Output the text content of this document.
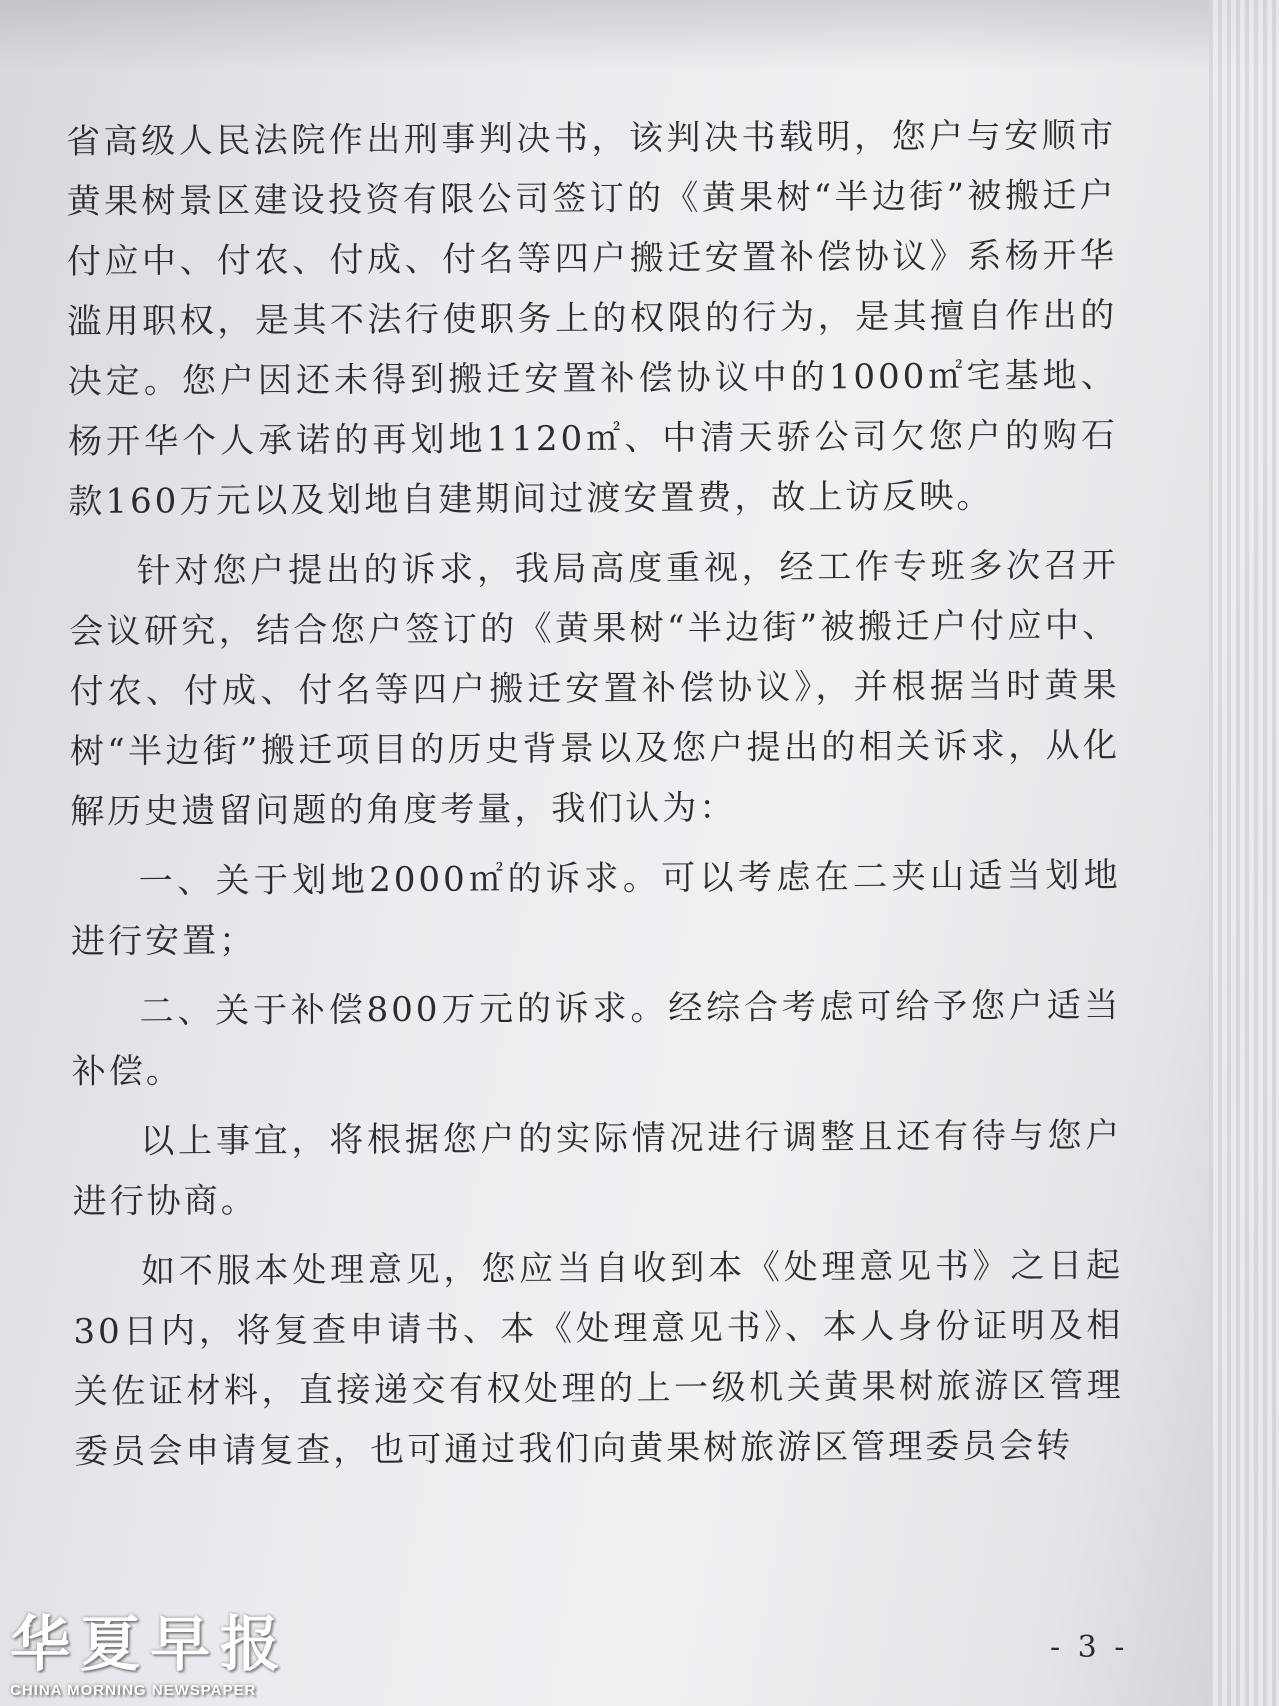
省高级人民法院作出刑事判决书，该判决书载明，您户与安顺市黄果树景区建设投资有限公司签订的《黄果树“半边街”被搬迁户付应中、付农、付成、付名等四户搬迁安置补偿协议》系杨开华滥用职权，是其不法行使职务上的权限的行为，是其擅自作出的决定。您户因还未得到搬迁安置补偿协议中的1000㎡宅基地、杨开华个人承诺的再划地1120㎡、中清天骄公司欠您户的购石款160万元以及划地自建期间过渡安置费，故上访反映。

针对您户提出的诉求，我局高度重视，经工作专班多次召开会议研究，结合您户签订的《黄果树“半边街”被搬迁户付应中、付农、付成、付名等四户搬迁安置补偿协议》，并根据当时黄果树“半边街”搬迁项目的历史背景以及您户提出的相关诉求，从化解历史遗留问题的角度考量，我们认为：

一、关于划地2000㎡的诉求。可以考虑在二夹山适当划地进行安置；

二、关于补偿800万元的诉求。经综合考虑可给予您户适当补偿。

以上事宜，将根据您户的实际情况进行调整且还有待与您户进行协商。

如不服本处理意见，您应当自收到本《处理意见书》之日起30日内，将复查申请书、本《处理意见书》、本人身份证明及相关佐证材料，直接递交有权处理的上一级机关黄果树旅游区管理委员会申请复查，也可通过我们向黄果树旅游区管理委员会转

- 3 -
华夏早报
CHINA MORNING NEWSPAPER
